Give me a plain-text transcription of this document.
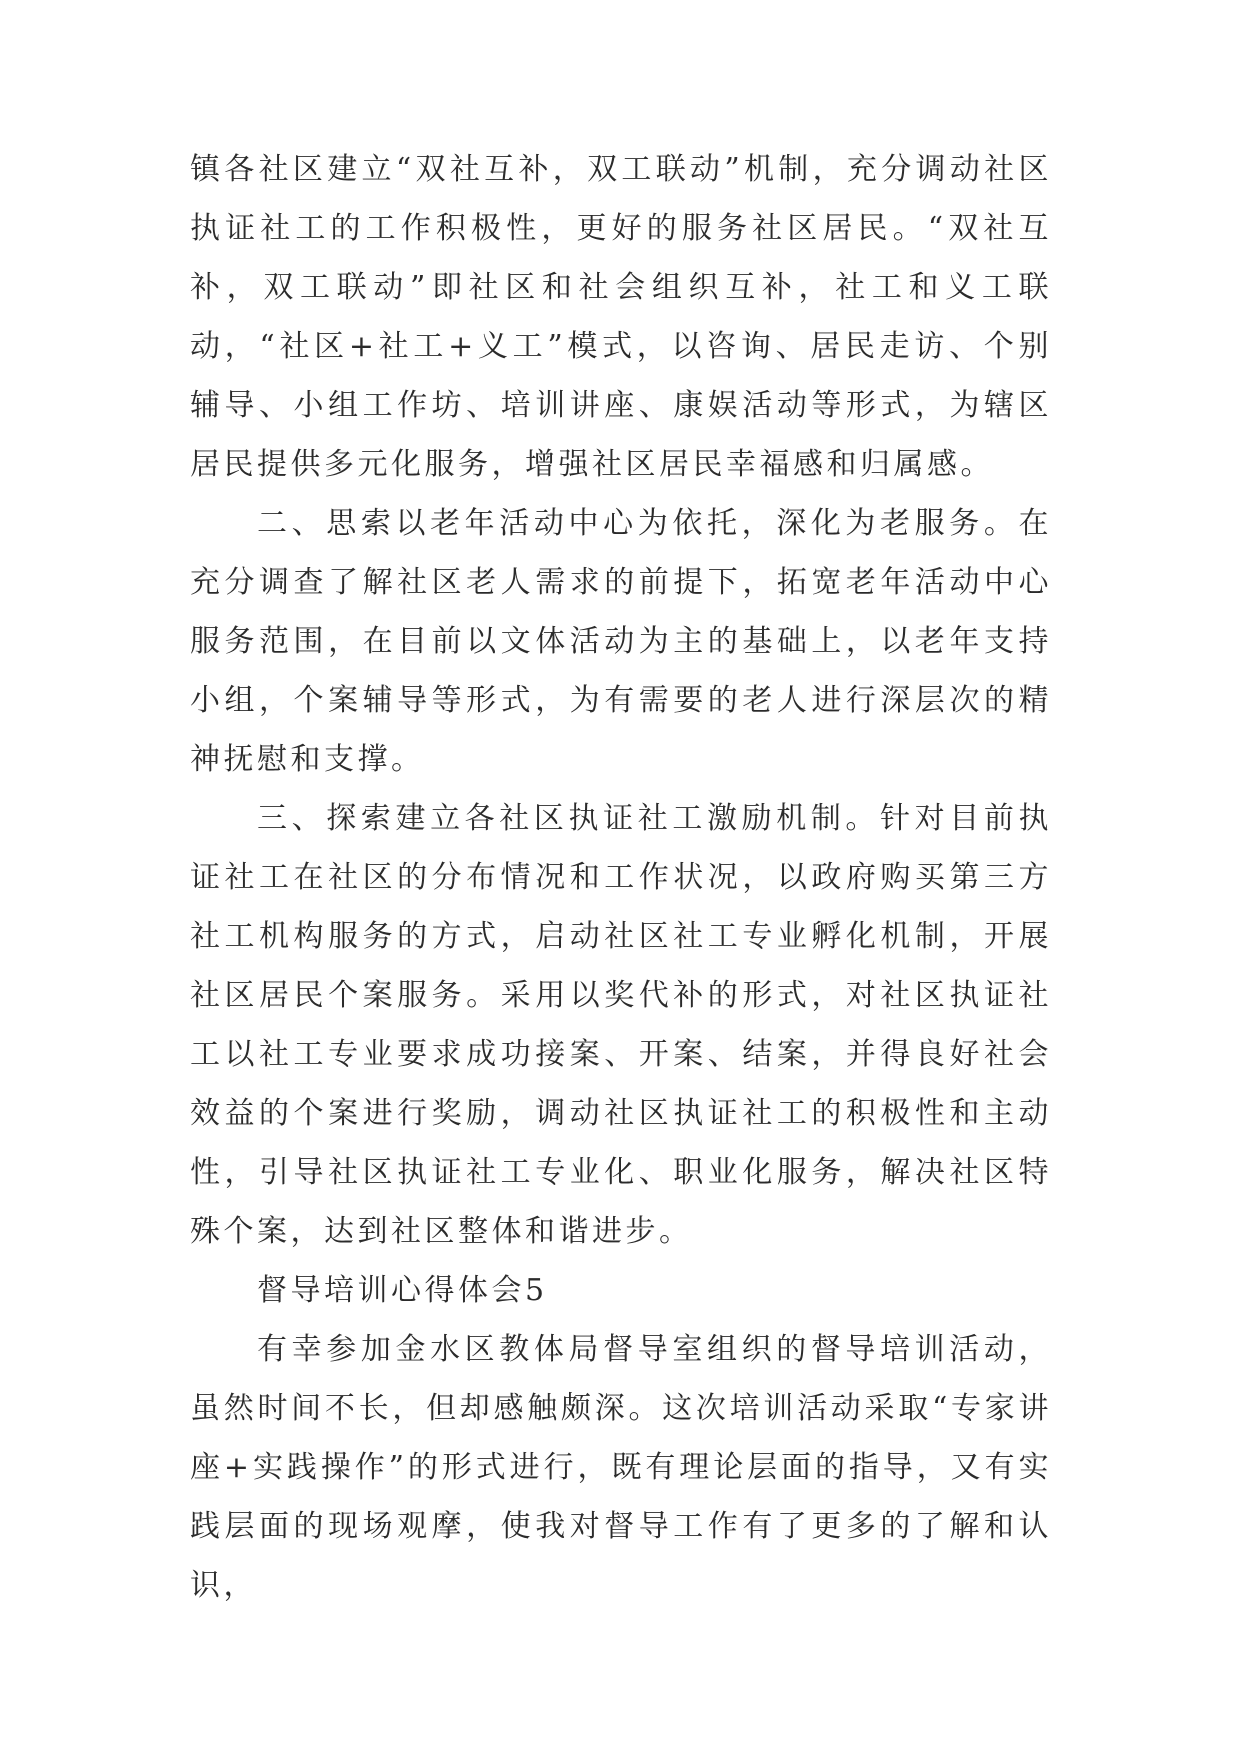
镇各社区建立“双社互补，双工联动”机制，充分调动社区执证社工的工作积极性，更好的服务社区居民。“双社互补，双工联动”即社区和社会组织互补，社工和义工联动，“社区+社工+义工”模式，以咨询、居民走访、个别辅导、小组工作坊、培训讲座、康娱活动等形式，为辖区居民提供多元化服务，增强社区居民幸福感和归属感。

二、思索以老年活动中心为依托，深化为老服务。在充分调查了解社区老人需求的前提下，拓宽老年活动中心服务范围，在目前以文体活动为主的基础上，以老年支持小组，个案辅导等形式，为有需要的老人进行深层次的精神抚慰和支撑。

三、探索建立各社区执证社工激励机制。针对目前执证社工在社区的分布情况和工作状况，以政府购买第三方社工机构服务的方式，启动社区社工专业孵化机制，开展社区居民个案服务。采用以奖代补的形式，对社区执证社工以社工专业要求成功接案、开案、结案，并得良好社会效益的个案进行奖励，调动社区执证社工的积极性和主动性，引导社区执证社工专业化、职业化服务，解决社区特殊个案，达到社区整体和谐进步。

督导培训心得体会5

有幸参加金水区教体局督导室组织的督导培训活动，虽然时间不长，但却感触颇深。这次培训活动采取“专家讲座+实践操作”的形式进行，既有理论层面的指导，又有实践层面的现场观摩，使我对督导工作有了更多的了解和认识，
